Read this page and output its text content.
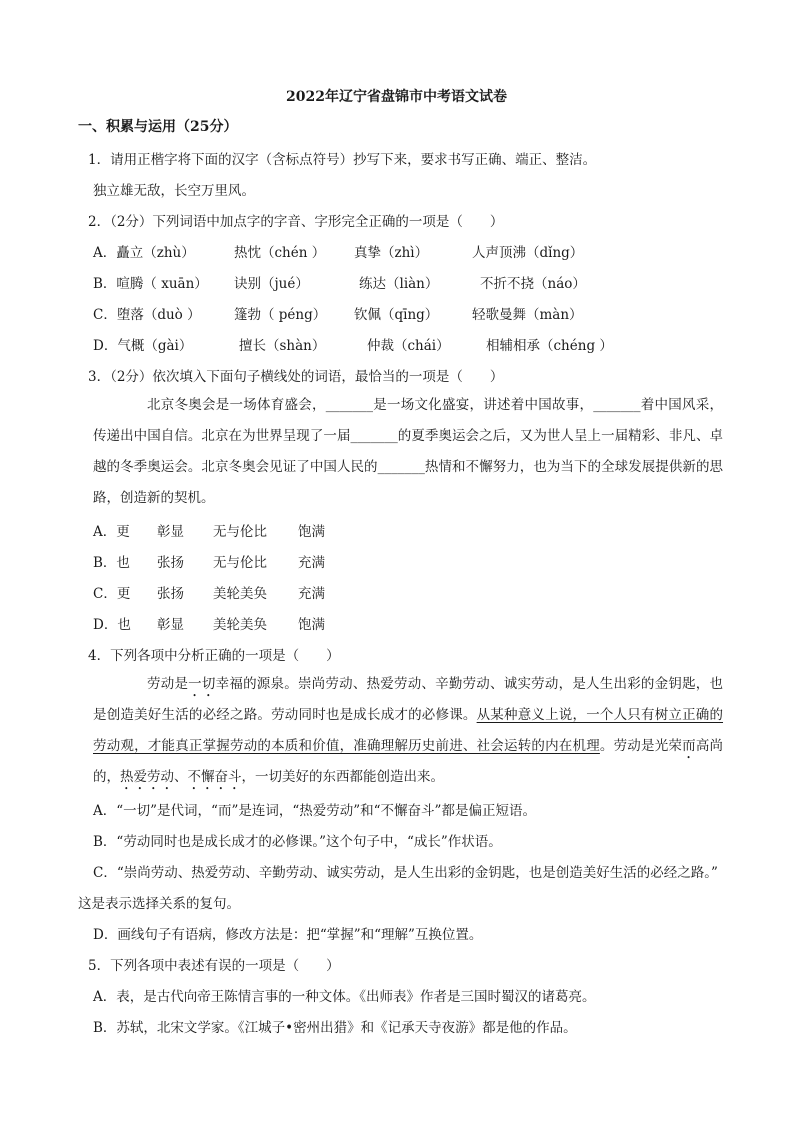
2022年辽宁省盘锦市中考语文试卷
一、积累与运用（25分）
1．请用正楷字将下面的汉字（含标点符号）抄写下来，要求书写正确、端正、整洁。
独立雄无敌，长空万里风。
2．（2分）下列词语中加点字的字音、字形完全正确的一项是（　　）
A．矗立（zhù）	热忱（chén ） 真挚（zhì）	人声顶沸（dǐng）
B．喧腾（ xuān） 诀别（jué）	练达（liàn）	不折不挠（náo）
C．堕落（duò ） 篷勃（ péng） 钦佩（qīng） 轻歌曼舞（màn）
D．气概（gài）	擅长（shàn）	仲裁（chái）	相辅相承（chéng ）
3．（2分）依次填入下面句子横线处的词语，最恰当的一项是（　　）
北京冬奥会是一场体育盛会，_______是一场文化盛宴，讲述着中国故事，_______着中国风采，传递出中国自信。北京在为世界呈现了一届_______的夏季奥运会之后，又为世人呈上一届精彩、非凡、卓越的冬季奥运会。北京冬奥会见证了中国人民的_______热情和不懈努力，也为当下的全球发展提供新的思路，创造新的契机。
A．更 彰显 无与伦比 饱满
B．也 张扬 无与伦比 充满
C．更 张扬 美轮美奂 充满
D．也 彰显 美轮美奂 饱满
4．下列各项中分析正确的一项是（　　）
劳动是一切幸福的源泉。崇尚劳动、热爱劳动、辛勤劳动、诚实劳动，是人生出彩的金钥匙，也是创造美好生活的必经之路。劳动同时也是成长成才的必修课。从某种意义上说，一个人只有树立正确的劳动观，才能真正掌握劳动的本质和价值，准确理解历史前进、社会运转的内在机理。劳动是光荣而高尚的，热爱劳动、不懈奋斗，一切美好的东西都能创造出来。
A．“一切”是代词，“而”是连词，“热爱劳动”和“不懈奋斗”都是偏正短语。
B．“劳动同时也是成长成才的必修课。”这个句子中，“成长”作状语。
C．“崇尚劳动、热爱劳动、辛勤劳动、诚实劳动，是人生出彩的金钥匙，也是创造美好生活的必经之路。”
这是表示选择关系的复句。
D．画线句子有语病，修改方法是：把“掌握”和“理解”互换位置。
5．下列各项中表述有误的一项是（　　）
A．表，是古代向帝王陈情言事的一种文体。《出师表》作者是三国时蜀汉的诸葛亮。
B．苏轼，北宋文学家。《江城子•密州出猎》和《记承天寺夜游》都是他的作品。
